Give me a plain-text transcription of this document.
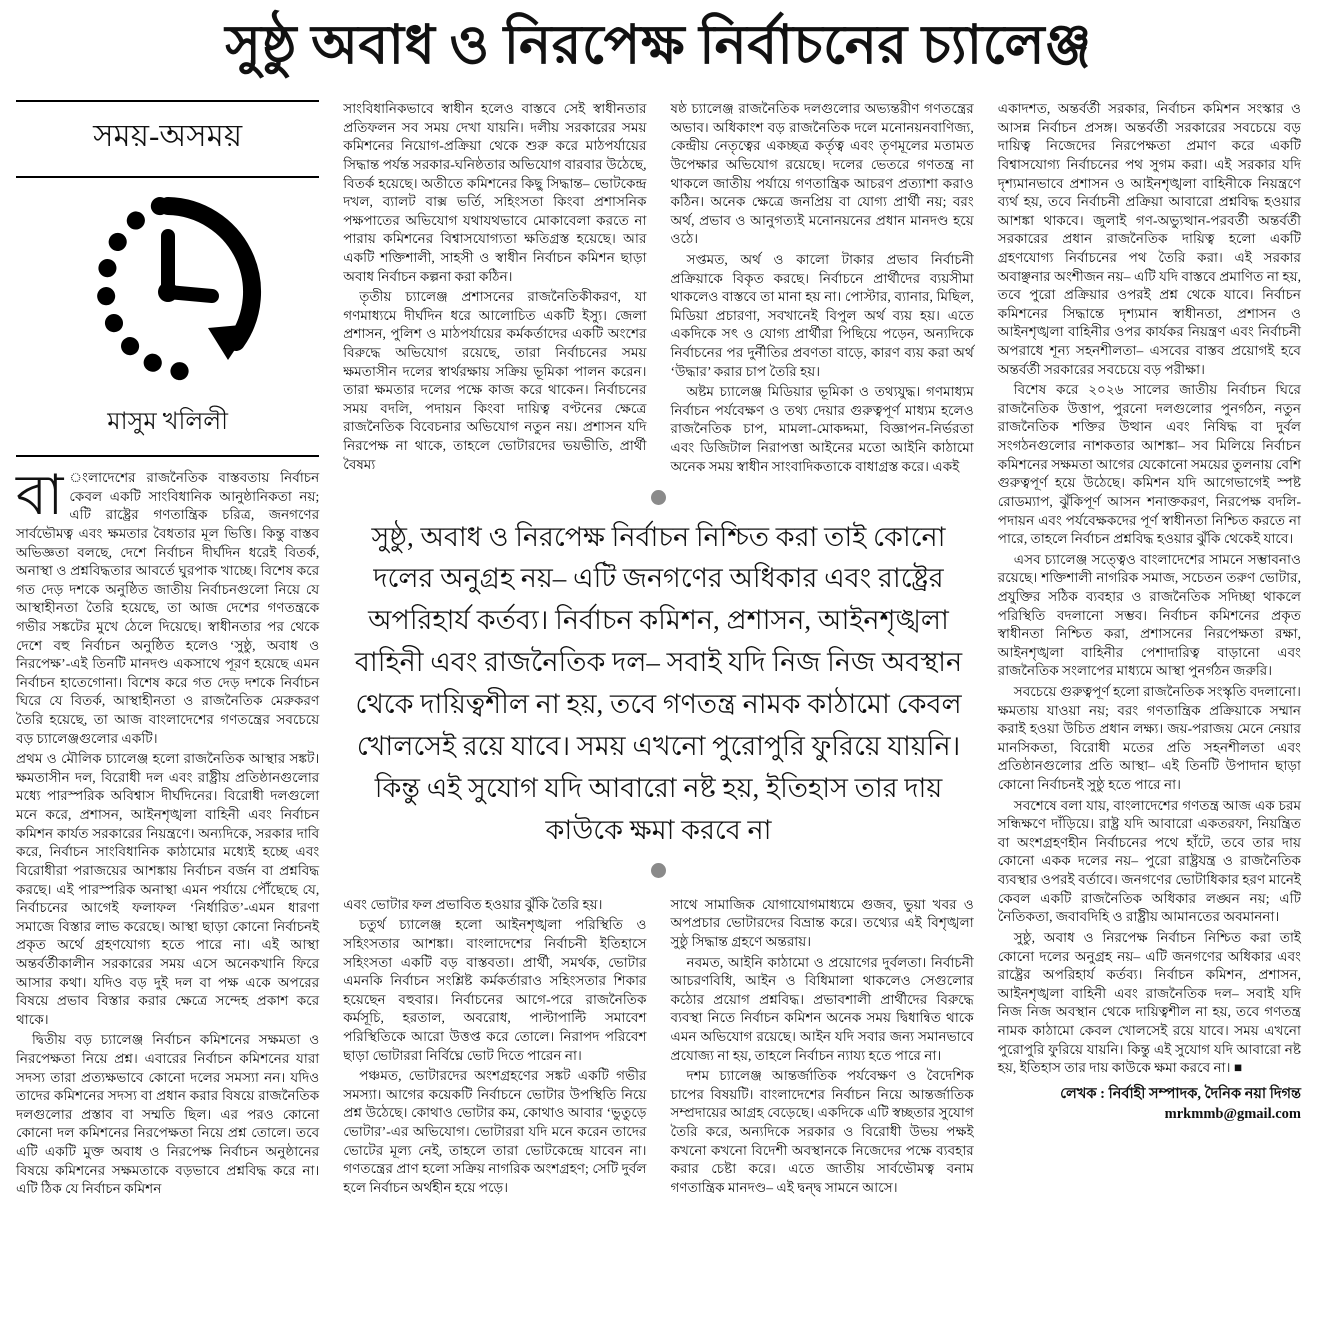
সুষ্ঠু অবাধ ও নিরপেক্ষ নির্বাচনের চ্যালেঞ্জ
সময়-অসময়
মাসুম খলিলী

বা ংলাদেশের রাজনৈতিক বাস্তবতায় নির্বাচন কেবল একটি সাংবিধানিক আনুষ্ঠানিকতা নয়; এটি রাষ্ট্রের গণতান্ত্রিক চরিত্র, জনগণের সার্বভৌমত্ব এবং ক্ষমতার বৈধতার মূল ভিত্তি। কিন্তু বাস্তব অভিজ্ঞতা বলছে, দেশে নির্বাচন দীর্ঘদিন ধরেই বিতর্ক, অনাস্থা ও প্রশ্নবিদ্ধতার আবর্তে ঘুরপাক খাচ্ছে। বিশেষ করে গত দেড় দশকে অনুষ্ঠিত জাতীয় নির্বাচনগুলো নিয়ে যে আস্থাহীনতা তৈরি হয়েছে, তা আজ দেশের গণতন্ত্রকে গভীর সঙ্কটের মুখে ঠেলে দিয়েছে। স্বাধীনতার পর থেকে দেশে বহু নির্বাচন অনুষ্ঠিত হলেও ‘সুষ্ঠু, অবাধ ও নিরপেক্ষ’-এই তিনটি মানদণ্ড একসাথে পূরণ হয়েছে এমন নির্বাচন হাতেগোনা। বিশেষ করে গত দেড় দশকে নির্বাচন ঘিরে যে বিতর্ক, আস্থাহীনতা ও রাজনৈতিক মেরুকরণ তৈরি হয়েছে, তা আজ বাংলাদেশের গণতন্ত্রের সবচেয়ে বড় চ্যালেঞ্জগুলোর একটি।

প্রথম ও মৌলিক চ্যালেঞ্জ হলো রাজনৈতিক আস্থার সঙ্কট। ক্ষমতাসীন দল, বিরোধী দল এবং রাষ্ট্রীয় প্রতিষ্ঠানগুলোর মধ্যে পারস্পরিক অবিশ্বাস দীর্ঘদিনের। বিরোধী দলগুলো মনে করে, প্রশাসন, আইনশৃঙ্খলা বাহিনী এবং নির্বাচন কমিশন কার্যত সরকারের নিয়ন্ত্রণে। অন্যদিকে, সরকার দাবি করে, নির্বাচন সাংবিধানিক কাঠামোর মধ্যেই হচ্ছে এবং বিরোধীরা পরাজয়ের আশঙ্কায় নির্বাচন বর্জন বা প্রশ্নবিদ্ধ করছে। এই পারস্পরিক অনাস্থা এমন পর্যায়ে পৌঁছেছে যে, নির্বাচনের আগেই ফলাফল ‘নির্ধারিত’-এমন ধারণা সমাজে বিস্তার লাভ করেছে। আস্থা ছাড়া কোনো নির্বাচনই প্রকৃত অর্থে গ্রহণযোগ্য হতে পারে না। এই আস্থা অন্তর্বর্তীকালীন সরকারের সময় এসে অনেকখানি ফিরে আসার কথা। যদিও বড় দুই দল বা পক্ষ একে অপরের বিষয়ে প্রভাব বিস্তার করার ক্ষেত্রে সন্দেহ প্রকাশ করে থাকে।

দ্বিতীয় বড় চ্যালেঞ্জ নির্বাচন কমিশনের সক্ষমতা ও নিরপেক্ষতা নিয়ে প্রশ্ন। এবারের নির্বাচন কমিশনের যারা সদস্য তারা প্রত্যক্ষভাবে কোনো দলের সমস্যা নন। যদিও তাদের কমিশনের সদস্য বা প্রধান করার বিষয়ে রাজনৈতিক দলগুলোর প্রস্তাব বা সম্মতি ছিল। এর পরও কোনো কোনো দল কমিশনের নিরপেক্ষতা নিয়ে প্রশ্ন তোলে। তবে এটি একটি মুক্ত অবাধ ও নিরপেক্ষ নির্বাচন অনুষ্ঠানের বিষয়ে কমিশনের সক্ষমতাকে বড়ভাবে প্রশ্নবিদ্ধ করে না। এটি ঠিক যে নির্বাচন কমিশন

সাংবিধানিকভাবে স্বাধীন হলেও বাস্তবে সেই স্বাধীনতার প্রতিফলন সব সময় দেখা যায়নি। দলীয় সরকারের সময় কমিশনের নিয়োগ-প্রক্রিয়া থেকে শুরু করে মাঠপর্যায়ের সিদ্ধান্ত পর্যন্ত সরকার-ঘনিষ্ঠতার অভিযোগ বারবার উঠেছে, বিতর্ক হয়েছে। অতীতে কমিশনের কিছু সিদ্ধান্ত– ভোটকেন্দ্র দখল, ব্যালট বাক্স ভর্তি, সহিংসতা কিংবা প্রশাসনিক পক্ষপাতের অভিযোগ যথাযথভাবে মোকাবেলা করতে না পারায় কমিশনের বিশ্বাসযোগ্যতা ক্ষতিগ্রস্ত হয়েছে। আর একটি শক্তিশালী, সাহসী ও স্বাধীন নির্বাচন কমিশন ছাড়া অবাধ নির্বাচন কল্পনা করা কঠিন।

তৃতীয় চ্যালেঞ্জ প্রশাসনের রাজনৈতিকীকরণ, যা গণমাধ্যমে দীর্ঘদিন ধরে আলোচিত একটি ইস্যু। জেলা প্রশাসন, পুলিশ ও মাঠপর্যায়ের কর্মকর্তাদের একটি অংশের বিরুদ্ধে অভিযোগ রয়েছে, তারা নির্বাচনের সময় ক্ষমতাসীন দলের স্বার্থরক্ষায় সক্রিয় ভূমিকা পালন করেন। তারা ক্ষমতার দলের পক্ষে কাজ করে থাকেন। নির্বাচনের সময় বদলি, পদায়ন কিংবা দায়িত্ব বণ্টনের ক্ষেত্রে রাজনৈতিক বিবেচনার অভিযোগ নতুন নয়। প্রশাসন যদি নিরপেক্ষ না থাকে, তাহলে ভোটারদের ভয়ভীতি, প্রার্থী বৈষম্য

ষষ্ঠ চ্যালেঞ্জ রাজনৈতিক দলগুলোর অভ্যন্তরীণ গণতন্ত্রের অভাব। অধিকাংশ বড় রাজনৈতিক দলে মনোনয়নবাণিজ্য, কেন্দ্রীয় নেতৃত্বের একচ্ছত্র কর্তৃত্ব এবং তৃণমূলের মতামত উপেক্ষার অভিযোগ রয়েছে। দলের ভেতরে গণতন্ত্র না থাকলে জাতীয় পর্যায়ে গণতান্ত্রিক আচরণ প্রত্যাশা করাও কঠিন। অনেক ক্ষেত্রে জনপ্রিয় বা যোগ্য প্রার্থী নয়; বরং অর্থ, প্রভাব ও আনুগত্যই মনোনয়নের প্রধান মানদণ্ড হয়ে ওঠে।

সপ্তমত, অর্থ ও কালো টাকার প্রভাব নির্বাচনী প্রক্রিয়াকে বিকৃত করছে। নির্বাচনে প্রার্থীদের ব্যয়সীমা থাকলেও বাস্তবে তা মানা হয় না। পোস্টার, ব্যানার, মিছিল, মিডিয়া প্রচারণা, সবখানেই বিপুল অর্থ ব্যয় হয়। এতে একদিকে সৎ ও যোগ্য প্রার্থীরা পিছিয়ে পড়েন, অন্যদিকে নির্বাচনের পর দুর্নীতির প্রবণতা বাড়ে, কারণ ব্যয় করা অর্থ ‘উদ্ধার’ করার চাপ তৈরি হয়।

অষ্টম চ্যালেঞ্জ মিডিয়ার ভূমিকা ও তথ্যযুদ্ধ। গণমাধ্যম নির্বাচন পর্যবেক্ষণ ও তথ্য দেয়ার গুরুত্বপূর্ণ মাধ্যম হলেও রাজনৈতিক চাপ, মামলা-মোকদ্দমা, বিজ্ঞাপন-নির্ভরতা এবং ডিজিটাল নিরাপত্তা আইনের মতো আইনি কাঠামো অনেক সময় স্বাধীন সাংবাদিকতাকে বাধাগ্রস্ত করে। একই

সুষ্ঠু, অবাধ ও নিরপেক্ষ নির্বাচন নিশ্চিত করা তাই কোনো দলের অনুগ্রহ নয়– এটি জনগণের অধিকার এবং রাষ্ট্রের অপরিহার্য কর্তব্য। নির্বাচন কমিশন, প্রশাসন, আইনশৃঙ্খলা বাহিনী এবং রাজনৈতিক দল– সবাই যদি নিজ নিজ অবস্থান থেকে দায়িত্বশীল না হয়, তবে গণতন্ত্র নামক কাঠামো কেবল খোলসেই রয়ে যাবে। সময় এখনো পুরোপুরি ফুরিয়ে যায়নি। কিন্তু এই সুযোগ যদি আবারো নষ্ট হয়, ইতিহাস তার দায় কাউকে ক্ষমা করবে না

এবং ভোটার ফল প্রভাবিত হওয়ার ঝুঁকি তৈরি হয়।

চতুর্থ চ্যালেঞ্জ হলো আইনশৃঙ্খলা পরিস্থিতি ও সহিংসতার আশঙ্কা। বাংলাদেশের নির্বাচনী ইতিহাসে সহিংসতা একটি বড় বাস্তবতা। প্রার্থী, সমর্থক, ভোটার এমনকি নির্বাচন সংশ্লিষ্ট কর্মকর্তারাও সহিংসতার শিকার হয়েছেন বহুবার। নির্বাচনের আগে-পরে রাজনৈতিক কর্মসূচি, হরতাল, অবরোধ, পাল্টাপাল্টি সমাবেশ পরিস্থিতিকে আরো উত্তপ্ত করে তোলে। নিরাপদ পরিবেশ ছাড়া ভোটাররা নির্বিঘ্নে ভোট দিতে পারেন না।

পঞ্চমত, ভোটারদের অংশগ্রহণের সঙ্কট একটি গভীর সমস্যা। আগের কয়েকটি নির্বাচনে ভোটার উপস্থিতি নিয়ে প্রশ্ন উঠেছে। কোথাও ভোটার কম, কোথাও আবার ‘ভুতুড়ে ভোটার’-এর অভিযোগ। ভোটাররা যদি মনে করেন তাদের ভোটের মূল্য নেই, তাহলে তারা ভোটকেন্দ্রে যাবেন না। গণতন্ত্রের প্রাণ হলো সক্রিয় নাগরিক অংশগ্রহণ; সেটি দুর্বল হলে নির্বাচন অর্থহীন হয়ে পড়ে।

সাথে সামাজিক যোগাযোগমাধ্যমে গুজব, ভুয়া খবর ও অপপ্রচার ভোটারদের বিভ্রান্ত করে। তথ্যের এই বিশৃঙ্খলা সুষ্ঠু সিদ্ধান্ত গ্রহণে অন্তরায়।

নবমত, আইনি কাঠামো ও প্রয়োগের দুর্বলতা। নির্বাচনী আচরণবিধি, আইন ও বিধিমালা থাকলেও সেগুলোর কঠোর প্রয়োগ প্রশ্নবিদ্ধ। প্রভাবশালী প্রার্থীদের বিরুদ্ধে ব্যবস্থা নিতে নির্বাচন কমিশন অনেক সময় দ্বিধান্বিত থাকে এমন অভিযোগ রয়েছে। আইন যদি সবার জন্য সমানভাবে প্রযোজ্য না হয়, তাহলে নির্বাচন ন্যায্য হতে পারে না।

দশম চ্যালেঞ্জ আন্তর্জাতিক পর্যবেক্ষণ ও বৈদেশিক চাপের বিষয়টি। বাংলাদেশের নির্বাচন নিয়ে আন্তর্জাতিক সম্প্রদায়ের আগ্রহ বেড়েছে। একদিকে এটি স্বচ্ছতার সুযোগ তৈরি করে, অন্যদিকে সরকার ও বিরোধী উভয় পক্ষই কখনো কখনো বিদেশী অবস্থানকে নিজেদের পক্ষে ব্যবহার করার চেষ্টা করে। এতে জাতীয় সার্বভৌমত্ব বনাম গণতান্ত্রিক মানদণ্ড– এই দ্বন্দ্ব সামনে আসে।

একাদশত, অন্তর্বর্তী সরকার, নির্বাচন কমিশন সংস্কার ও আসন্ন নির্বাচন প্রসঙ্গ। অন্তর্বর্তী সরকারের সবচেয়ে বড় দায়িত্ব নিজেদের নিরপেক্ষতা প্রমাণ করে একটি বিশ্বাসযোগ্য নির্বাচনের পথ সুগম করা। এই সরকার যদি দৃশ্যমানভাবে প্রশাসন ও আইনশৃঙ্খলা বাহিনীকে নিয়ন্ত্রণে ব্যর্থ হয়, তবে নির্বাচনী প্রক্রিয়া আবারো প্রশ্নবিদ্ধ হওয়ার আশঙ্কা থাকবে। জুলাই গণ-অভ্যুত্থান-পরবর্তী অন্তর্বর্তী সরকারের প্রধান রাজনৈতিক দায়িত্ব হলো একটি গ্রহণযোগ্য নির্বাচনের পথ তৈরি করা। এই সরকার অবাঞ্ছনার অংশীজন নয়– এটি যদি বাস্তবে প্রমাণিত না হয়, তবে পুরো প্রক্রিয়ার ওপরই প্রশ্ন থেকে যাবে। নির্বাচন কমিশনের সিদ্ধান্তে দৃশ্যমান স্বাধীনতা, প্রশাসন ও আইনশৃঙ্খলা বাহিনীর ওপর কার্যকর নিয়ন্ত্রণ এবং নির্বাচনী অপরাধে শূন্য সহনশীলতা– এসবের বাস্তব প্রয়োগই হবে অন্তর্বর্তী সরকারের সবচেয়ে বড় পরীক্ষা।

বিশেষ করে ২০২৬ সালের জাতীয় নির্বাচন ঘিরে রাজনৈতিক উত্তাপ, পুরনো দলগুলোর পুনর্গঠন, নতুন রাজনৈতিক শক্তির উত্থান এবং নিষিদ্ধ বা দুর্বল সংগঠনগুলোর নাশকতার আশঙ্কা– সব মিলিয়ে নির্বাচন কমিশনের সক্ষমতা আগের যেকোনো সময়ের তুলনায় বেশি গুরুত্বপূর্ণ হয়ে উঠেছে। কমিশন যদি আগেভাগেই স্পষ্ট রোডম্যাপ, ঝুঁকিপূর্ণ আসন শনাক্তকরণ, নিরপেক্ষ বদলি-পদায়ন এবং পর্যবেক্ষকদের পূর্ণ স্বাধীনতা নিশ্চিত করতে না পারে, তাহলে নির্বাচন প্রশ্নবিদ্ধ হওয়ার ঝুঁকি থেকেই যাবে।

এসব চ্যালেঞ্জ সত্ত্বেও বাংলাদেশের সামনে সম্ভাবনাও রয়েছে। শক্তিশালী নাগরিক সমাজ, সচেতন তরুণ ভোটার, প্রযুক্তির সঠিক ব্যবহার ও রাজনৈতিক সদিচ্ছা থাকলে পরিস্থিতি বদলানো সম্ভব। নির্বাচন কমিশনের প্রকৃত স্বাধীনতা নিশ্চিত করা, প্রশাসনের নিরপেক্ষতা রক্ষা, আইনশৃঙ্খলা বাহিনীর পেশাদারিত্ব বাড়ানো এবং রাজনৈতিক সংলাপের মাধ্যমে আস্থা পুনর্গঠন জরুরি।

সবচেয়ে গুরুত্বপূর্ণ হলো রাজনৈতিক সংস্কৃতি বদলানো। ক্ষমতায় যাওয়া নয়; বরং গণতান্ত্রিক প্রক্রিয়াকে সম্মান করাই হওয়া উচিত প্রধান লক্ষ্য। জয়-পরাজয় মেনে নেয়ার মানসিকতা, বিরোধী মতের প্রতি সহনশীলতা এবং প্রতিষ্ঠানগুলোর প্রতি আস্থা– এই তিনটি উপাদান ছাড়া কোনো নির্বাচনই সুষ্ঠু হতে পারে না।

সবশেষে বলা যায়, বাংলাদেশের গণতন্ত্র আজ এক চরম সন্ধিক্ষণে দাঁড়িয়ে। রাষ্ট্র যদি আবারো একতরফা, নিয়ন্ত্রিত বা অংশগ্রহণহীন নির্বাচনের পথে হাঁটে, তবে তার দায় কোনো একক দলের নয়– পুরো রাষ্ট্রযন্ত্র ও রাজনৈতিক ব্যবস্থার ওপরই বর্তাবে। জনগণের ভোটাধিকার হরণ মানেই কেবল একটি রাজনৈতিক অধিকার লঙ্ঘন নয়; এটি নৈতিকতা, জবাবদিহি ও রাষ্ট্রীয় আমানতের অবমাননা।

সুষ্ঠু, অবাধ ও নিরপেক্ষ নির্বাচন নিশ্চিত করা তাই কোনো দলের অনুগ্রহ নয়– এটি জনগণের অধিকার এবং রাষ্ট্রের অপরিহার্য কর্তব্য। নির্বাচন কমিশন, প্রশাসন, আইনশৃঙ্খলা বাহিনী এবং রাজনৈতিক দল– সবাই যদি নিজ নিজ অবস্থান থেকে দায়িত্বশীল না হয়, তবে গণতন্ত্র নামক কাঠামো কেবল খোলসেই রয়ে যাবে। সময় এখনো পুরোপুরি ফুরিয়ে যায়নি। কিন্তু এই সুযোগ যদি আবারো নষ্ট হয়, ইতিহাস তার দায় কাউকে ক্ষমা করবে না। ■

লেখক : নির্বাহী সম্পাদক, দৈনিক নয়া দিগন্ত
mrkmmb@gmail.com
